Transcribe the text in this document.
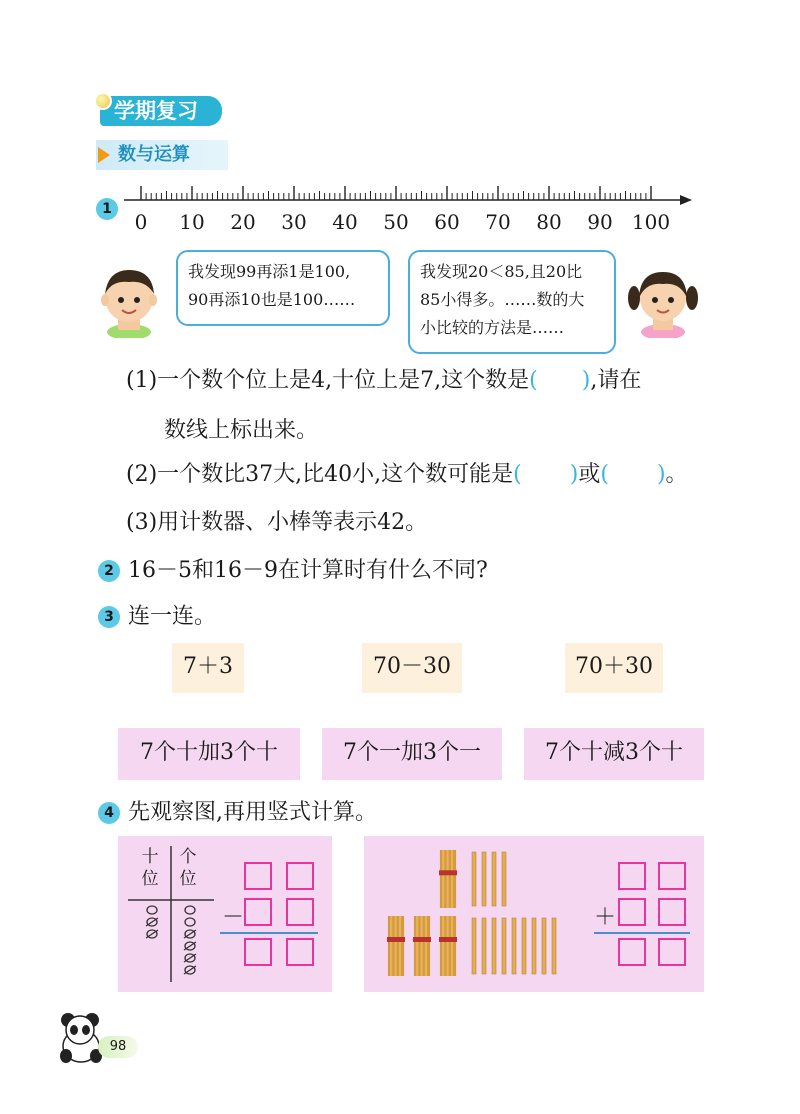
学期复习
数与运算
1
0	10	20	30	40	50	60	70	80	90 100

我发现99再添1是100,

90再添10也是100……

我发现20＜85,且20比

85小得多。……数的大

小比较的方法是……

(1)一个数个位上是4,十位上是7,这个数是( ),请在
数线上标出来。
(2)一个数比37大,比40小,这个数可能是( )或( )。
(3)用计数器、小棒等表示42。
2 16－5和16－9在计算时有什么不同?
3 连一连。
7＋3	70－30	70＋30
7个十加3个十	7个一加3个一	7个十减3个十
4 先观察图,再用竖式计算。
十
位
个
位
－	＋
98
